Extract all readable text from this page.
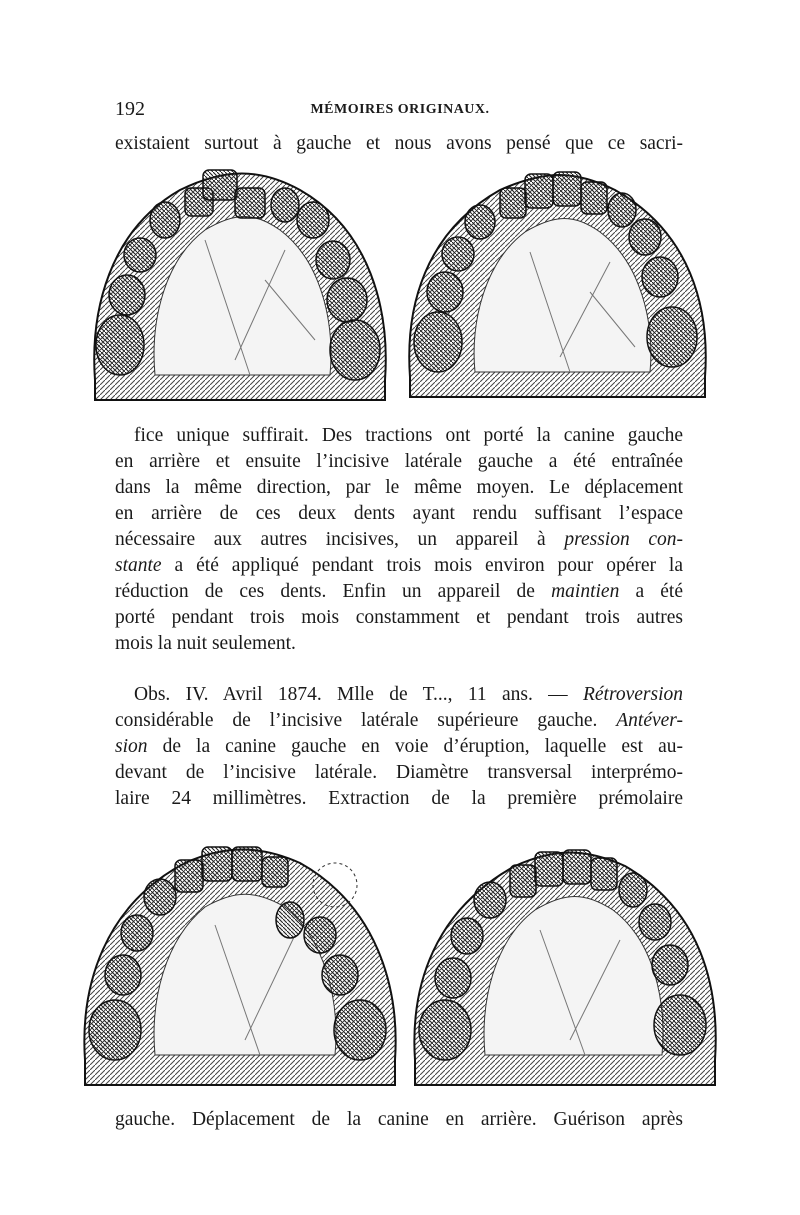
192	MÉMOIRES ORIGINAUX.
existaient surtout à gauche et nous avons pensé que ce sacri-
fice unique suffirait. Des tractions ont porté la canine gauche
en arrière et ensuite l’incisive latérale gauche a été entraînée
dans la même direction, par le même moyen. Le déplacement
en arrière de ces deux dents ayant rendu suffisant l’espace
nécessaire aux autres incisives, un appareil à pression con-
stante a été appliqué pendant trois mois environ pour opérer la
réduction de ces dents. Enfin un appareil de maintien a été
porté pendant trois mois constamment et pendant trois autres
mois la nuit seulement.
Obs. IV. Avril 1874. Mlle de T..., 11 ans. — Rétroversion
considérable de l’incisive latérale supérieure gauche. Antéver-
sion de la canine gauche en voie d’éruption, laquelle est au-
devant de l’incisive latérale. Diamètre transversal interprémo-
laire 24 millimètres. Extraction de la première prémolaire
gauche. Déplacement de la canine en arrière. Guérison après
